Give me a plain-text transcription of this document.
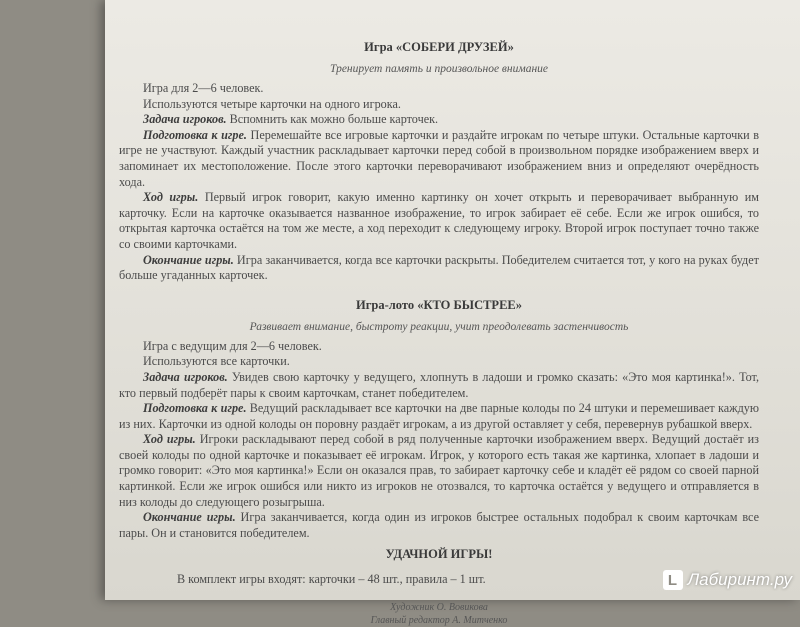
Игра «СОБЕРИ ДРУЗЕЙ»
Тренирует память и произвольное внимание

Игра для 2—6 человек.

Используются четыре карточки на одного игрока.

Задача игроков. Вспомнить как можно больше карточек.

Подготовка к игре. Перемешайте все игровые карточки и раздайте игрокам по четыре штуки. Остальные карточки в игре не участвуют. Каждый участник раскладывает карточки перед собой в произвольном порядке изображением вверх и запоминает их местоположение. После этого карточки переворачивают изображением вниз и определяют очерёдность хода.

Ход игры. Первый игрок говорит, какую именно картинку он хочет открыть и переворачивает выбранную им карточку. Если на карточке оказывается названное изображение, то игрок забирает её себе. Если же игрок ошибся, то открытая карточка остаётся на том же месте, а ход переходит к следующему игроку. Второй игрок поступает точно также со своими карточками.

Окончание игры. Игра заканчивается, когда все карточки раскрыты. Победителем считается тот, у кого на руках будет больше угаданных карточек.

Игра-лото «КТО БЫСТРЕЕ»
Развивает внимание, быстроту реакции, учит преодолевать застенчивость

Игра с ведущим для 2—6 человек.

Используются все карточки.

Задача игроков. Увидев свою карточку у ведущего, хлопнуть в ладоши и громко сказать: «Это моя картинка!». Тот, кто первый подберёт пары к своим карточкам, станет победителем.

Подготовка к игре. Ведущий раскладывает все карточки на две парные колоды по 24 штуки и перемешивает каждую из них. Карточки из одной колоды он поровну раздаёт игрокам, а из другой оставляет у себя, перевернув рубашкой вверх.

Ход игры. Игроки раскладывают перед собой в ряд полученные карточки изображением вверх. Ведущий достаёт из своей колоды по одной карточке и показывает её игрокам. Игрок, у которого есть такая же картинка, хлопает в ладоши и громко говорит: «Это моя картинка!» Если он оказался прав, то забирает карточку себе и кладёт её рядом со своей парной картинкой. Если же игрок ошибся или никто из игроков не отозвался, то карточка остаётся у ведущего и отправляется в низ колоды до следующего розыгрыша.

Окончание игры. Игра заканчивается, когда один из игроков быстрее остальных подобрал к своим карточкам все пары. Он и становится победителем.

УДАЧНОЙ ИГРЫ!
В комплект игры входят: карточки – 48 шт., правила – 1 шт.
Художник О. Вовикова
Главный редактор А. Митченко
L Лабиринт.ру
